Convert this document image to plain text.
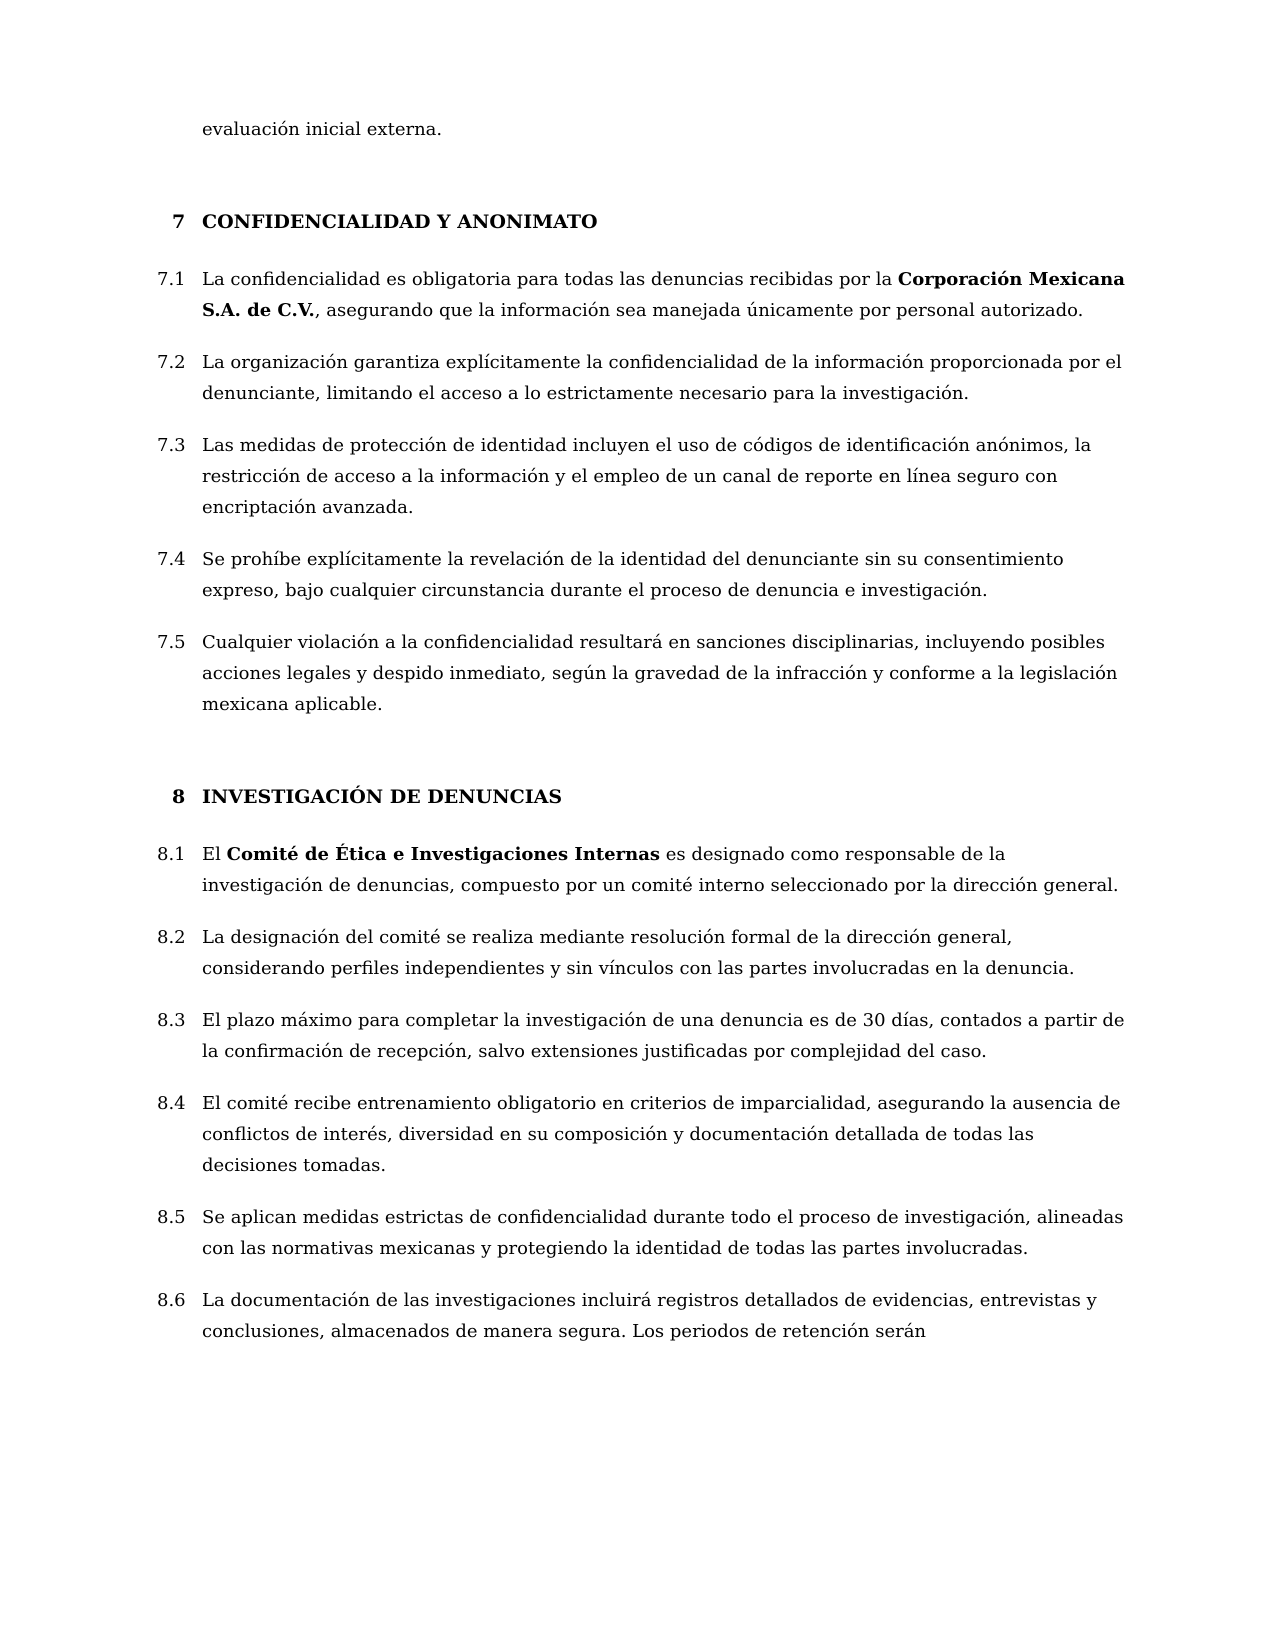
evaluación inicial externa.

7 CONFIDENCIALIDAD Y ANONIMATO
7.1 La confidencialidad es obligatoria para todas las denuncias recibidas por la Corporación Mexicana S.A. de C.V., asegurando que la información sea manejada únicamente por personal autorizado.

7.2 La organización garantiza explícitamente la confidencialidad de la información proporcionada por el denunciante, limitando el acceso a lo estrictamente necesario para la investigación.

7.3 Las medidas de protección de identidad incluyen el uso de códigos de identificación anónimos, la restricción de acceso a la información y el empleo de un canal de reporte en línea seguro con encriptación avanzada.

7.4 Se prohíbe explícitamente la revelación de la identidad del denunciante sin su consentimiento expreso, bajo cualquier circunstancia durante el proceso de denuncia e investigación.

7.5 Cualquier violación a la confidencialidad resultará en sanciones disciplinarias, incluyendo posibles acciones legales y despido inmediato, según la gravedad de la infracción y conforme a la legislación mexicana aplicable.

8 INVESTIGACIÓN DE DENUNCIAS
8.1 El Comité de Ética e Investigaciones Internas es designado como responsable de la investigación de denuncias, compuesto por un comité interno seleccionado por la dirección general.

8.2 La designación del comité se realiza mediante resolución formal de la dirección general, considerando perfiles independientes y sin vínculos con las partes involucradas en la denuncia.

8.3 El plazo máximo para completar la investigación de una denuncia es de 30 días, contados a partir de la confirmación de recepción, salvo extensiones justificadas por complejidad del caso.

8.4 El comité recibe entrenamiento obligatorio en criterios de imparcialidad, asegurando la ausencia de conflictos de interés, diversidad en su composición y documentación detallada de todas las decisiones tomadas.

8.5 Se aplican medidas estrictas de confidencialidad durante todo el proceso de investigación, alineadas con las normativas mexicanas y protegiendo la identidad de todas las partes involucradas.

8.6 La documentación de las investigaciones incluirá registros detallados de evidencias, entrevistas y conclusiones, almacenados de manera segura. Los periodos de retención serán
